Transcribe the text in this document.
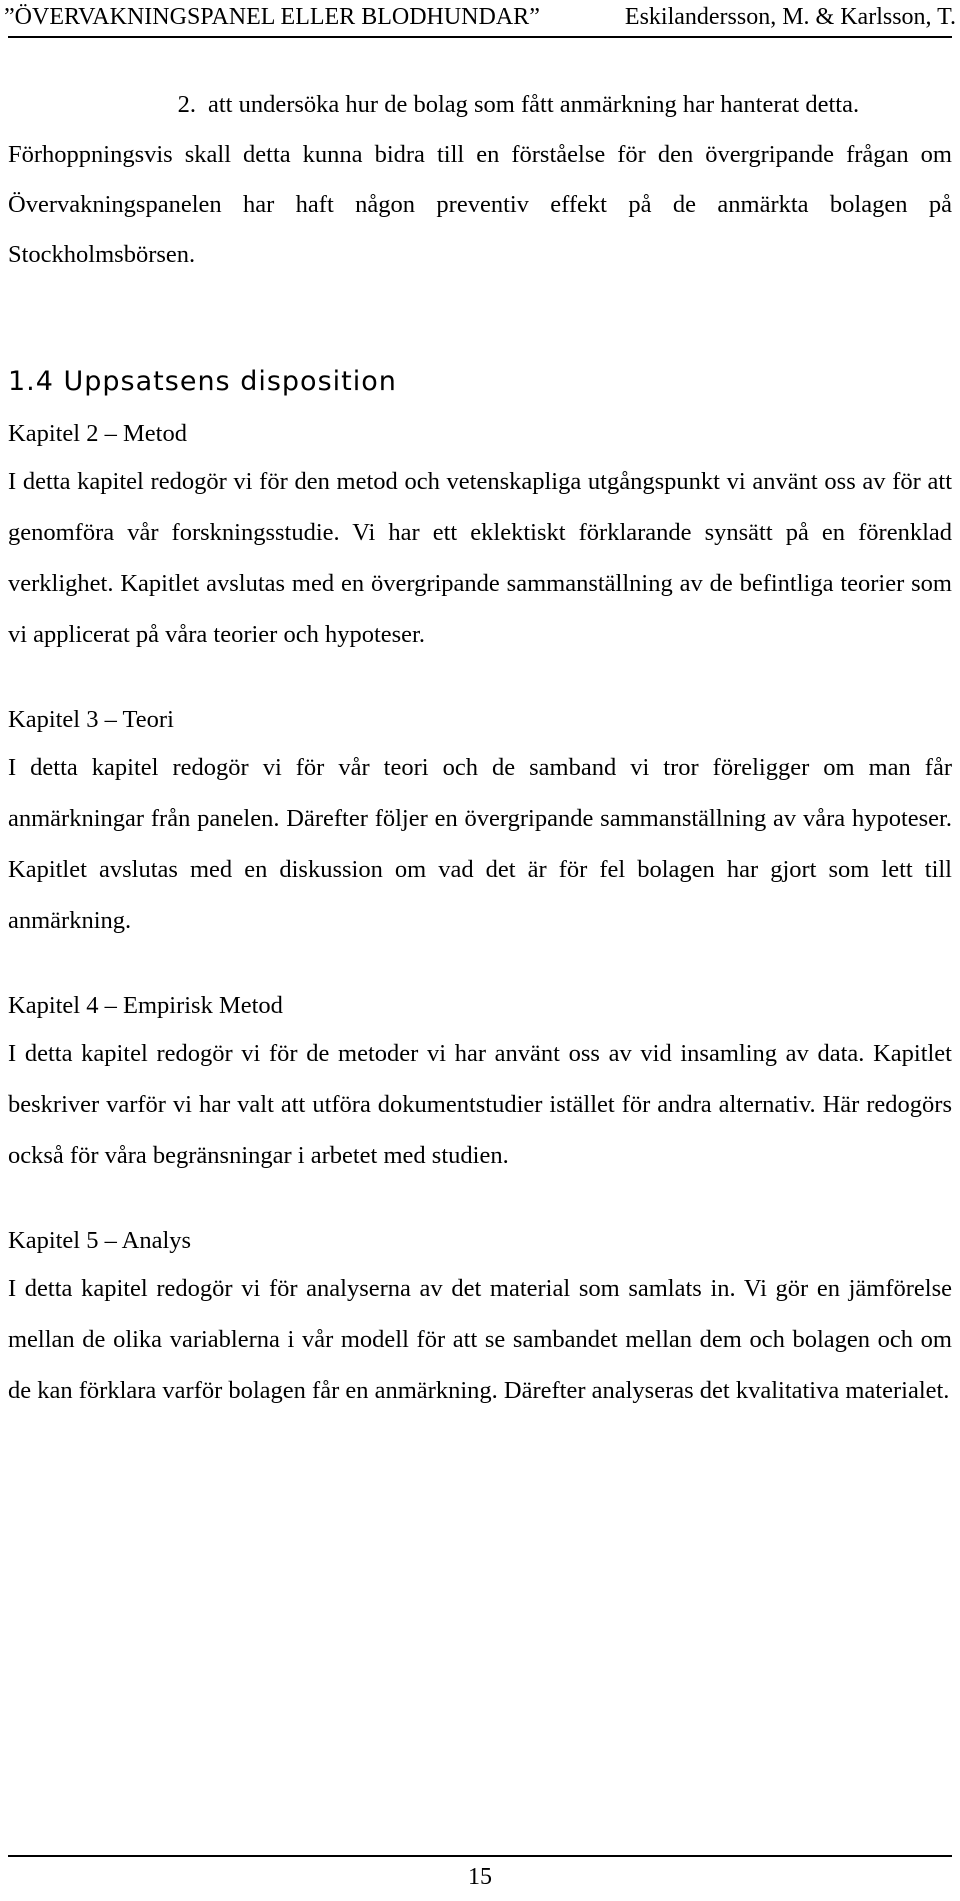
”ÖVERVAKNINGSPANEL ELLER BLODHUNDAR”	Eskilandersson, M. & Karlsson, T.
2. att undersöka hur de bolag som fått anmärkning har hanterat detta.

Förhoppningsvis skall detta kunna bidra till en förståelse för den övergripande frågan om Övervakningspanelen har haft någon preventiv effekt på de anmärkta bolagen på Stockholmsbörsen.

1.4 Uppsatsens disposition
Kapitel 2 – Metod

I detta kapitel redogör vi för den metod och vetenskapliga utgångspunkt vi använt oss av för att genomföra vår forskningsstudie. Vi har ett eklektiskt förklarande synsätt på en förenklad verklighet. Kapitlet avslutas med en övergripande sammanställning av de befintliga teorier som vi applicerat på våra teorier och hypoteser.

Kapitel 3 – Teori

I detta kapitel redogör vi för vår teori och de samband vi tror föreligger om man får anmärkningar från panelen. Därefter följer en övergripande sammanställning av våra hypoteser. Kapitlet avslutas med en diskussion om vad det är för fel bolagen har gjort som lett till anmärkning.

Kapitel 4 – Empirisk Metod

I detta kapitel redogör vi för de metoder vi har använt oss av vid insamling av data. Kapitlet beskriver varför vi har valt att utföra dokumentstudier istället för andra alternativ. Här redogörs också för våra begränsningar i arbetet med studien.

Kapitel 5 – Analys

I detta kapitel redogör vi för analyserna av det material som samlats in. Vi gör en jämförelse mellan de olika variablerna i vår modell för att se sambandet mellan dem och bolagen och om de kan förklara varför bolagen får en anmärkning. Därefter analyseras det kvalitativa materialet.

15
